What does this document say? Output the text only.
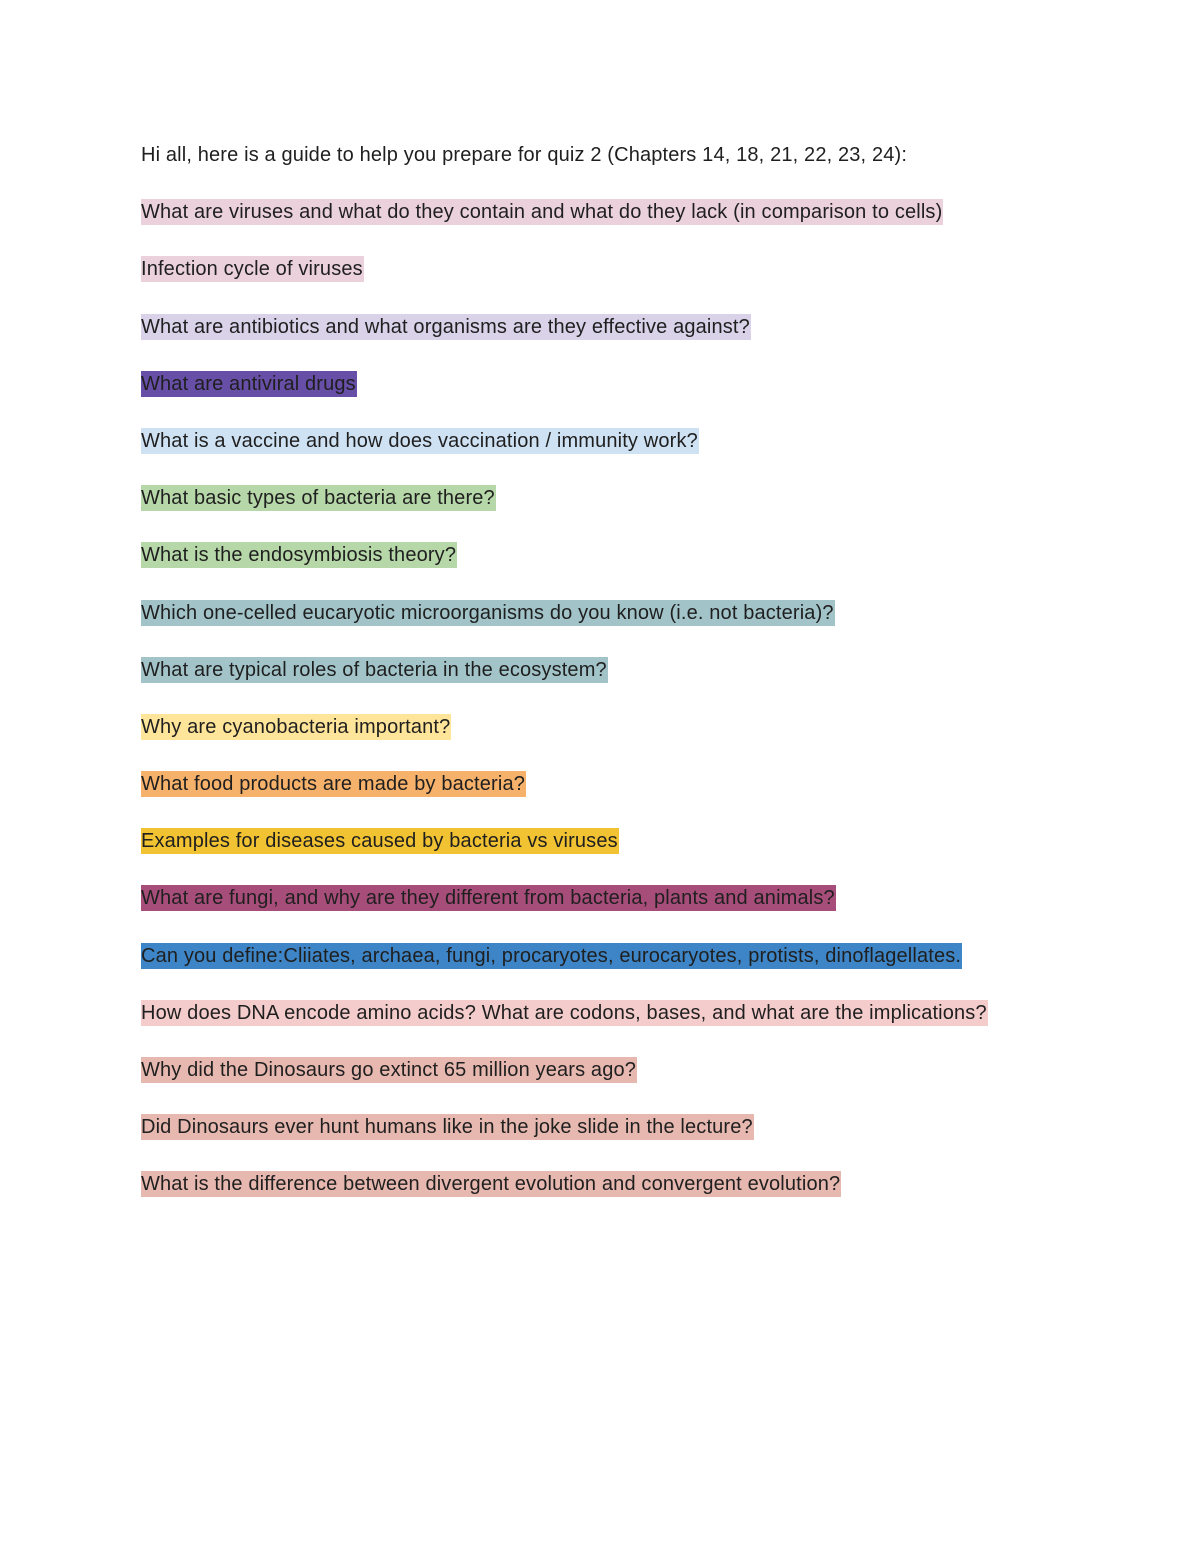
Hi all, here is a guide to help you prepare for quiz 2 (Chapters 14, 18, 21, 22, 23, 24):
What are viruses and what do they contain and what do they lack (in comparison to cells)
Infection cycle of viruses
What are antibiotics and what organisms are they effective against?
What are antiviral drugs
What is a vaccine and how does vaccination / immunity work?
What basic types of bacteria are there?
What is the endosymbiosis theory?
Which one-celled eucaryotic microorganisms do you know (i.e. not bacteria)?
What are typical roles of bacteria in the ecosystem?
Why are cyanobacteria important?
What food products are made by bacteria?
Examples for diseases caused by bacteria vs viruses
What are fungi, and why are they different from bacteria, plants and animals?
Can you define:Cliiates, archaea, fungi, procaryotes, eurocaryotes, protists, dinoflagellates.
How does DNA encode amino acids? What are codons, bases, and what are the implications?
Why did the Dinosaurs go extinct 65 million years ago?
Did Dinosaurs ever hunt humans like in the joke slide in the lecture?
What is the difference between divergent evolution and convergent evolution?
